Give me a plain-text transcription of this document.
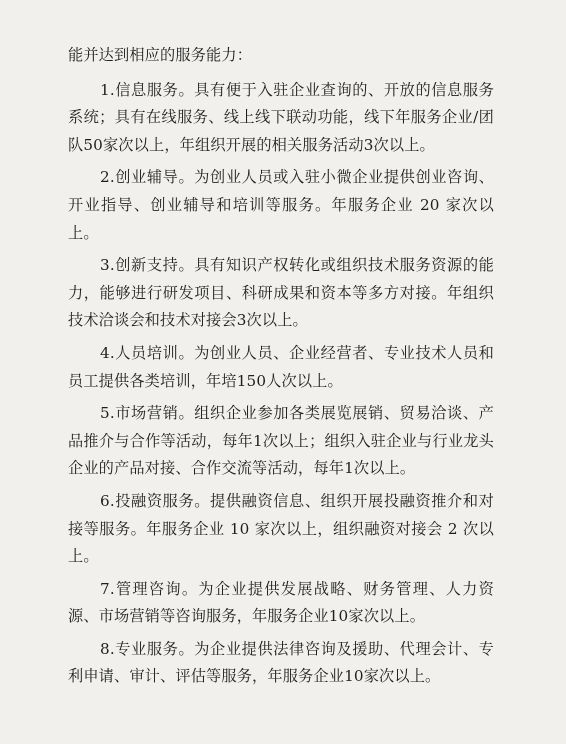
能并达到相应的服务能力：

1.信息服务。具有便于入驻企业查询的、开放的信息服务系统；具有在线服务、线上线下联动功能，线下年服务企业/团队50家次以上，年组织开展的相关服务活动3次以上。

2.创业辅导。为创业人员或入驻小微企业提供创业咨询、开业指导、创业辅导和培训等服务。年服务企业 20 家次以上。

3.创新支持。具有知识产权转化或组织技术服务资源的能力，能够进行研发项目、科研成果和资本等多方对接。年组织技术洽谈会和技术对接会3次以上。

4.人员培训。为创业人员、企业经营者、专业技术人员和员工提供各类培训，年培150人次以上。

5.市场营销。组织企业参加各类展览展销、贸易洽谈、产品推介与合作等活动，每年1次以上；组织入驻企业与行业龙头企业的产品对接、合作交流等活动，每年1次以上。

6.投融资服务。提供融资信息、组织开展投融资推介和对接等服务。年服务企业 10 家次以上，组织融资对接会 2 次以上。

7.管理咨询。为企业提供发展战略、财务管理、人力资源、市场营销等咨询服务，年服务企业10家次以上。

8.专业服务。为企业提供法律咨询及援助、代理会计、专利申请、审计、评估等服务，年服务企业10家次以上。
